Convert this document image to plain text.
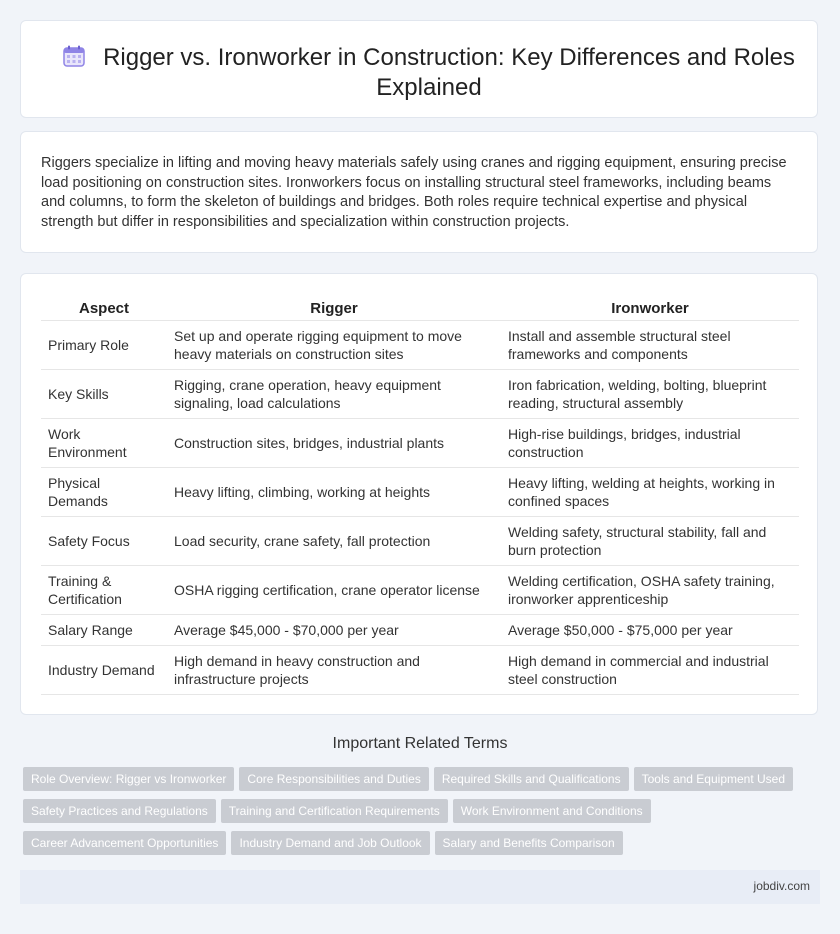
Rigger vs. Ironworker in Construction: Key Differences and Roles Explained
Riggers specialize in lifting and moving heavy materials safely using cranes and rigging equipment, ensuring precise load positioning on construction sites. Ironworkers focus on installing structural steel frameworks, including beams and columns, to form the skeleton of buildings and bridges. Both roles require technical expertise and physical strength but differ in responsibilities and specialization within construction projects.
Aspect	Rigger	Ironworker
Primary Role	Set up and operate rigging equipment to move heavy materials on construction sites	Install and assemble structural steel frameworks and components
Key Skills	Rigging, crane operation, heavy equipment signaling, load calculations	Iron fabrication, welding, bolting, blueprint reading, structural assembly
Work Environment	Construction sites, bridges, industrial plants	High-rise buildings, bridges, industrial construction
Physical Demands	Heavy lifting, climbing, working at heights	Heavy lifting, welding at heights, working in confined spaces
Safety Focus	Load security, crane safety, fall protection	Welding safety, structural stability, fall and burn protection
Training & Certification	OSHA rigging certification, crane operator license	Welding certification, OSHA safety training, ironworker apprenticeship
Salary Range	Average $45,000 - $70,000 per year	Average $50,000 - $75,000 per year
Industry Demand	High demand in heavy construction and infrastructure projects	High demand in commercial and industrial steel construction
Important Related Terms
Role Overview: Rigger vs Ironworker Core Responsibilities and Duties Required Skills and Qualifications Tools and Equipment Used
Safety Practices and Regulations Training and Certification Requirements Work Environment and Conditions
Career Advancement Opportunities Industry Demand and Job Outlook Salary and Benefits Comparison
jobdiv.com
